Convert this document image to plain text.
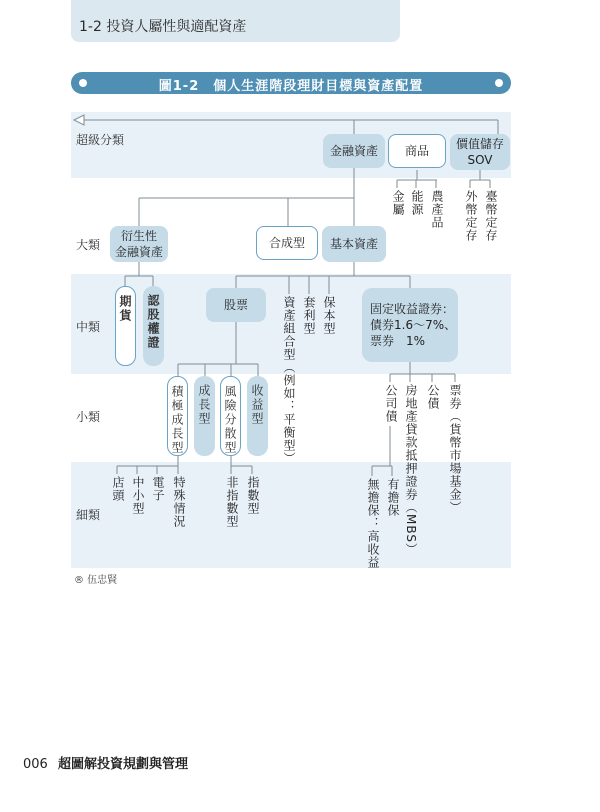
1-2 投資人屬性與適配資產
圖1-2　個人生涯階段理財目標與資產配置
超級分類
大類
中類
小類
細類
金融資產	商品	價值儲存
SOV
金屬 能源 農產品 外幣定存 臺幣定存
衍生性
金融資產
合成型	基本資產
期貨	認股權證	股票	資產組合型（例如：平衡型） 套利型 保本型	固定收益證券：
債券1.6～7%、
票券　1%
積極成長型	成長型	風險分散型	收益型	公司債 房地產貸款抵押證券（MBS） 公債 票券（貨幣市場基金）
店頭 中小型 電子 特殊情況	非指數型 指數型	無擔保：高收益 有擔保
® 伍忠賢
006 超圖解投資規劃與管理
